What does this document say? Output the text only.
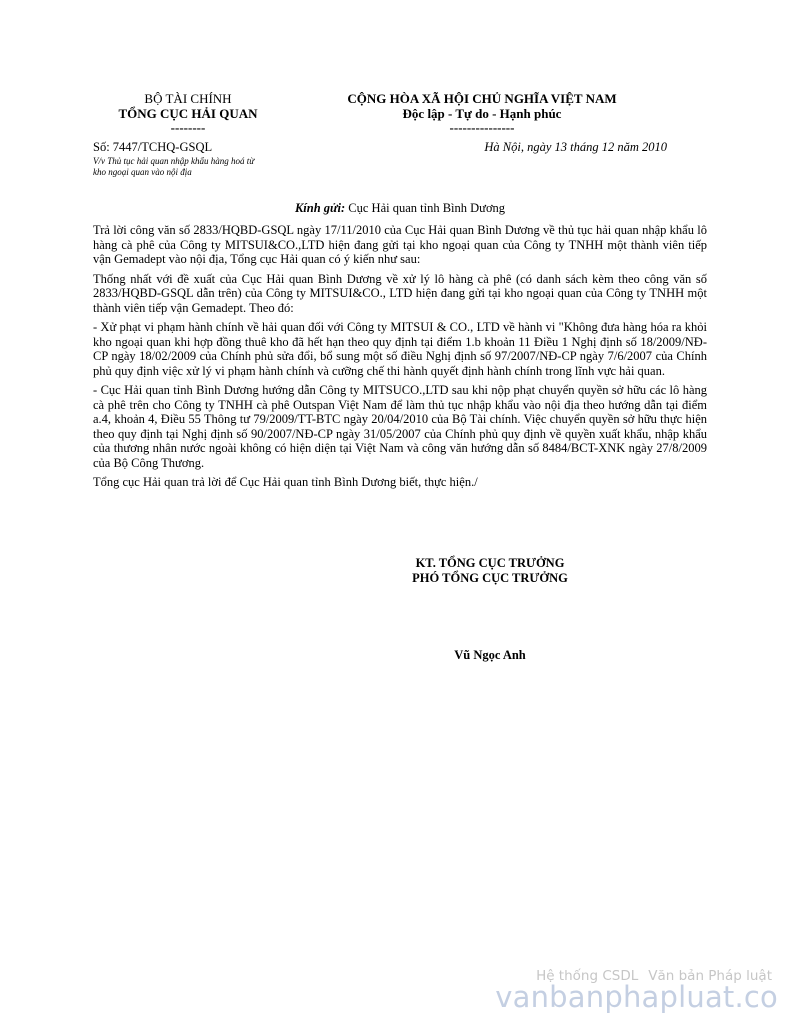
BỘ TÀI CHÍNH
TỔNG CỤC HẢI QUAN
--------
CỘNG HÒA XÃ HỘI CHỦ NGHĨA VIỆT NAM
Độc lập - Tự do - Hạnh phúc
---------------
Số: 7447/TCHQ-GSQL
V/v Thủ tục hải quan nhập khẩu hàng hoá từ
kho ngoại quan vào nội địa
Hà Nội, ngày 13 tháng 12 năm 2010
Kính gửi: Cục Hải quan tỉnh Bình Dương

Trả lời công văn số 2833/HQBD-GSQL ngày 17/11/2010 của Cục Hải quan Bình Dương về thủ tục hải quan nhập khẩu lô hàng cà phê của Công ty MITSUI&CO.,LTD hiện đang gửi tại kho ngoại quan của Công ty TNHH một thành viên tiếp vận Gemadept vào nội địa, Tổng cục Hải quan có ý kiến như sau:

Thống nhất với đề xuất của Cục Hải quan Bình Dương về xử lý lô hàng cà phê (có danh sách kèm theo công văn số 2833/HQBD-GSQL dẫn trên) của Công ty MITSUI&CO., LTD hiện đang gửi tại kho ngoại quan của Công ty TNHH một thành viên tiếp vận Gemadept. Theo đó:

- Xử phạt vi phạm hành chính về hải quan đối với Công ty MITSUI & CO., LTD về hành vi "Không đưa hàng hóa ra khỏi kho ngoại quan khi hợp đồng thuê kho đã hết hạn theo quy định tại điểm 1.b khoản 11 Điều 1 Nghị định số 18/2009/NĐ-CP ngày 18/02/2009 của Chính phủ sửa đổi, bổ sung một số điều Nghị định số 97/2007/NĐ-CP ngày 7/6/2007 của Chính phủ quy định việc xử lý vi phạm hành chính và cưỡng chế thi hành quyết định hành chính trong lĩnh vực hải quan.

- Cục Hải quan tỉnh Bình Dương hướng dẫn Công ty MITSUCO.,LTD sau khi nộp phạt chuyển quyền sở hữu các lô hàng cà phê trên cho Công ty TNHH cà phê Outspan Việt Nam để làm thủ tục nhập khẩu vào nội địa theo hướng dẫn tại điểm a.4, khoản 4, Điều 55 Thông tư 79/2009/TT-BTC ngày 20/04/2010 của Bộ Tài chính. Việc chuyển quyền sở hữu thực hiện theo quy định tại Nghị định số 90/2007/NĐ-CP ngày 31/05/2007 của Chính phủ quy định về quyền xuất khẩu, nhập khẩu của thương nhân nước ngoài không có hiện diện tại Việt Nam và công văn hướng dẫn số 8484/BCT-XNK ngày 27/8/2009 của Bộ Công Thương.

Tổng cục Hải quan trả lời để Cục Hải quan tỉnh Bình Dương biết, thực hiện./

KT. TỔNG CỤC TRƯỞNG
PHÓ TỔNG CỤC TRƯỞNG
Vũ Ngọc Anh
Hệ thống CSDL Văn bản Pháp luật
vanbanphapluat.co
